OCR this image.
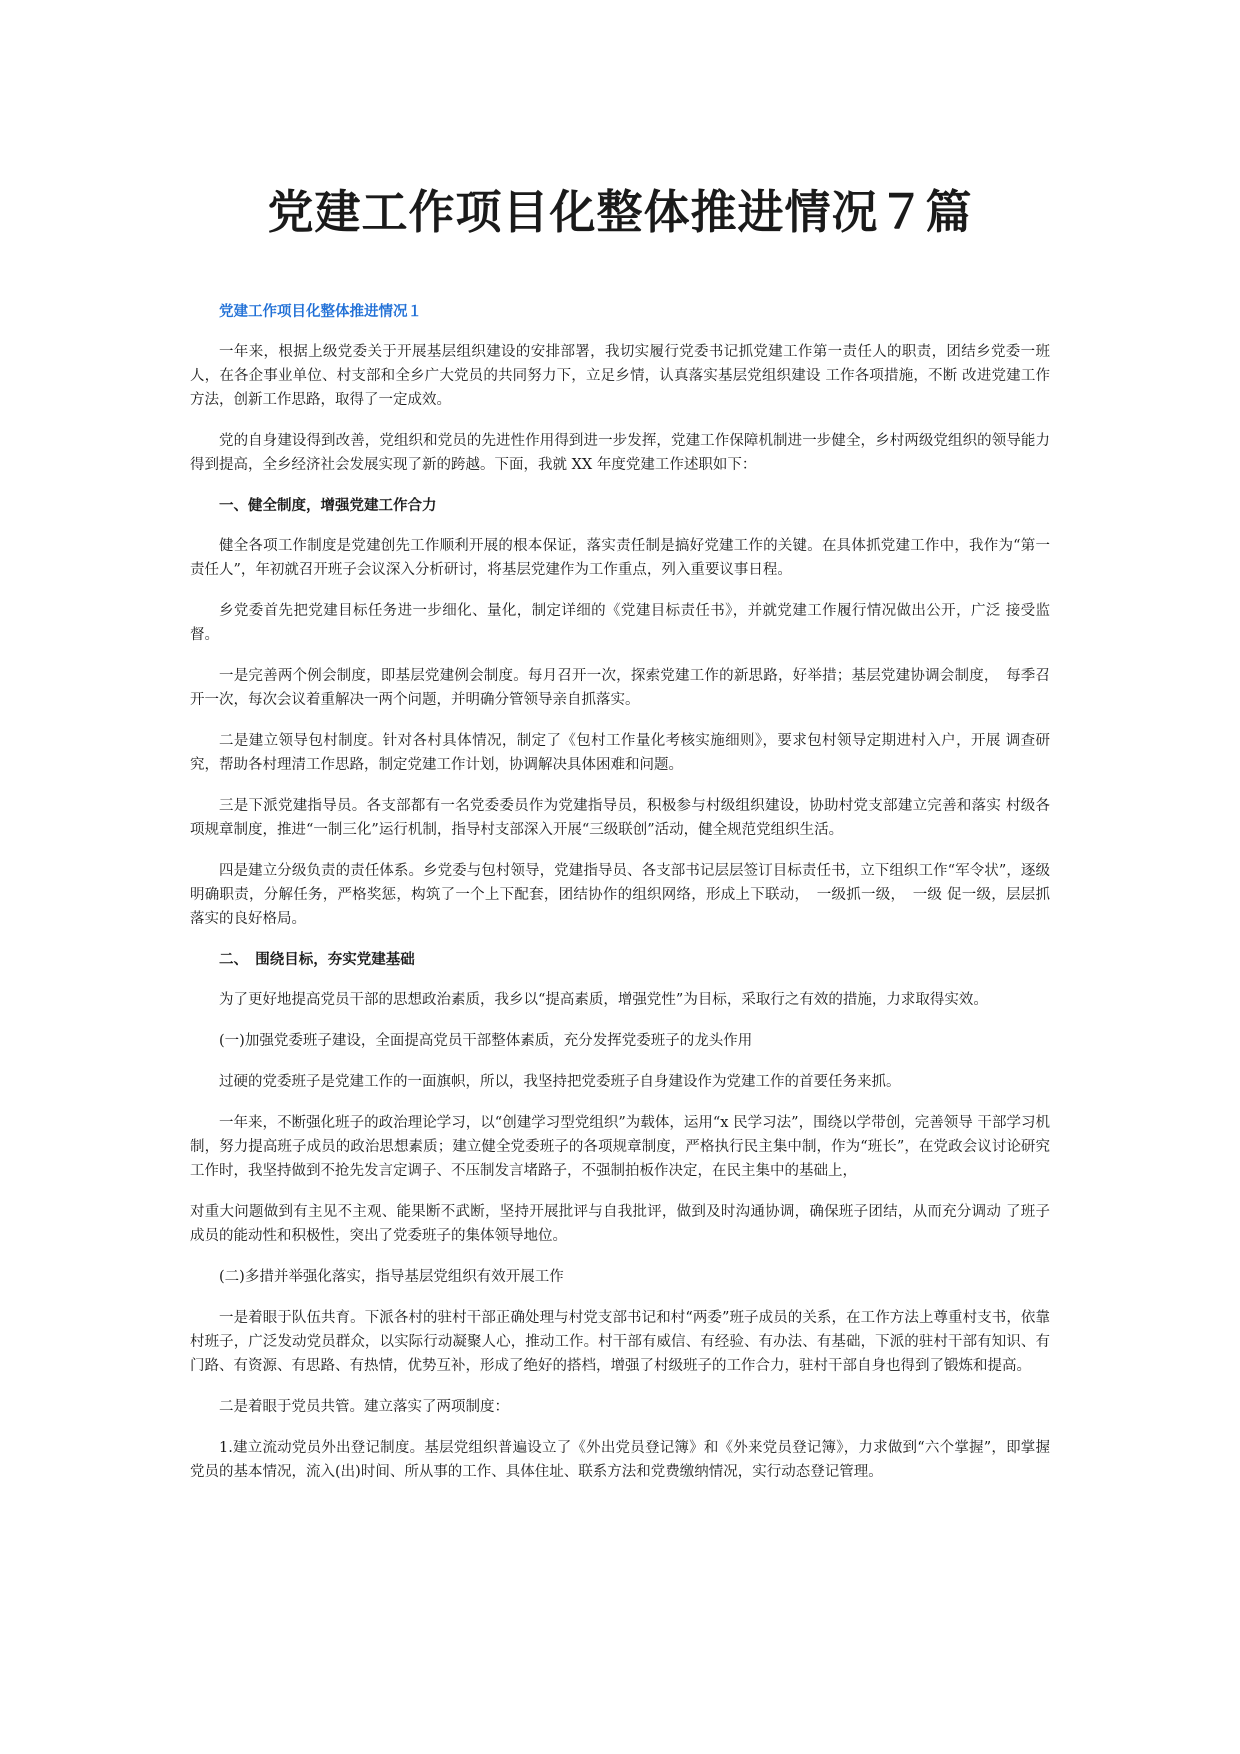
党建工作项目化整体推进情况７篇
党建工作项目化整体推进情况１

一年来，根据上级党委关于开展基层组织建设的安排部署，我切实履行党委书记抓党建工作第一责任人的职责，团结乡党委一班人，在各企事业单位、村支部和全乡广大党员的共同努力下，立足乡情，认真落实基层党组织建设 工作各项措施，不断 改进党建工作方法，创新工作思路，取得了一定成效。

党的自身建设得到改善，党组织和党员的先进性作用得到进一步发挥，党建工作保障机制进一步健全，乡村两级党组织的领导能力得到提高，全乡经济社会发展实现了新的跨越。下面，我就 XX 年度党建工作述职如下：

一、健全制度，增强党建工作合力

健全各项工作制度是党建创先工作顺利开展的根本保证，落实责任制是搞好党建工作的关键。在具体抓党建工作中，我作为“第一责任人”，年初就召开班子会议深入分析研讨，将基层党建作为工作重点，列入重要议事日程。

乡党委首先把党建目标任务进一步细化、量化，制定详细的《党建目标责任书》，并就党建工作履行情况做出公开，广泛 接受监督。

一是完善两个例会制度，即基层党建例会制度。每月召开一次，探索党建工作的新思路，好举措；基层党建协调会制度，　每季召开一次，每次会议着重解决一两个问题，并明确分管领导亲自抓落实。

二是建立领导包村制度。针对各村具体情况，制定了《包村工作量化考核实施细则》，要求包村领导定期进村入户，开展 调查研究，帮助各村理清工作思路，制定党建工作计划，协调解决具体困难和问题。

三是下派党建指导员。各支部都有一名党委委员作为党建指导员，积极参与村级组织建设，协助村党支部建立完善和落实 村级各项规章制度，推进“一制三化”运行机制，指导村支部深入开展“三级联创”活动，健全规范党组织生活。

四是建立分级负责的责任体系。乡党委与包村领导，党建指导员、各支部书记层层签订目标责任书，立下组织工作“军令状”，逐级明确职责，分解任务，严格奖惩，构筑了一个上下配套，团结协作的组织网络，形成上下联动，　一级抓一级，　一级 促一级，层层抓落实的良好格局。

二、　围绕目标，夯实党建基础

为了更好地提高党员干部的思想政治素质，我乡以“提高素质，增强党性”为目标，采取行之有效的措施，力求取得实效。

(一)加强党委班子建设，全面提高党员干部整体素质，充分发挥党委班子的龙头作用

过硬的党委班子是党建工作的一面旗帜，所以，我坚持把党委班子自身建设作为党建工作的首要任务来抓。

一年来，不断强化班子的政治理论学习，以“创建学习型党组织”为载体，运用“x 民学习法”，围绕以学带创，完善领导 干部学习机制，努力提高班子成员的政治思想素质；建立健全党委班子的各项规章制度，严格执行民主集中制，作为“班长”，在党政会议讨论研究工作时，我坚持做到不抢先发言定调子、不压制发言堵路子，不强制拍板作决定，在民主集中的基础上，

对重大问题做到有主见不主观、能果断不武断，坚持开展批评与自我批评，做到及时沟通协调，确保班子团结，从而充分调动 了班子成员的能动性和积极性，突出了党委班子的集体领导地位。

(二)多措并举强化落实，指导基层党组织有效开展工作

一是着眼于队伍共育。下派各村的驻村干部正确处理与村党支部书记和村“两委”班子成员的关系，在工作方法上尊重村支书，依靠村班子，广泛发动党员群众，以实际行动凝聚人心，推动工作。村干部有威信、有经验、有办法、有基础，下派的驻村干部有知识、有门路、有资源、有思路、有热情，优势互补，形成了绝好的搭档，增强了村级班子的工作合力，驻村干部自身也得到了锻炼和提高。

二是着眼于党员共管。建立落实了两项制度：

1.建立流动党员外出登记制度。基层党组织普遍设立了《外出党员登记簿》和《外来党员登记簿》，力求做到“六个掌握”，即掌握党员的基本情况，流入(出)时间、所从事的工作、具体住址、联系方法和党费缴纳情况，实行动态登记管理。
